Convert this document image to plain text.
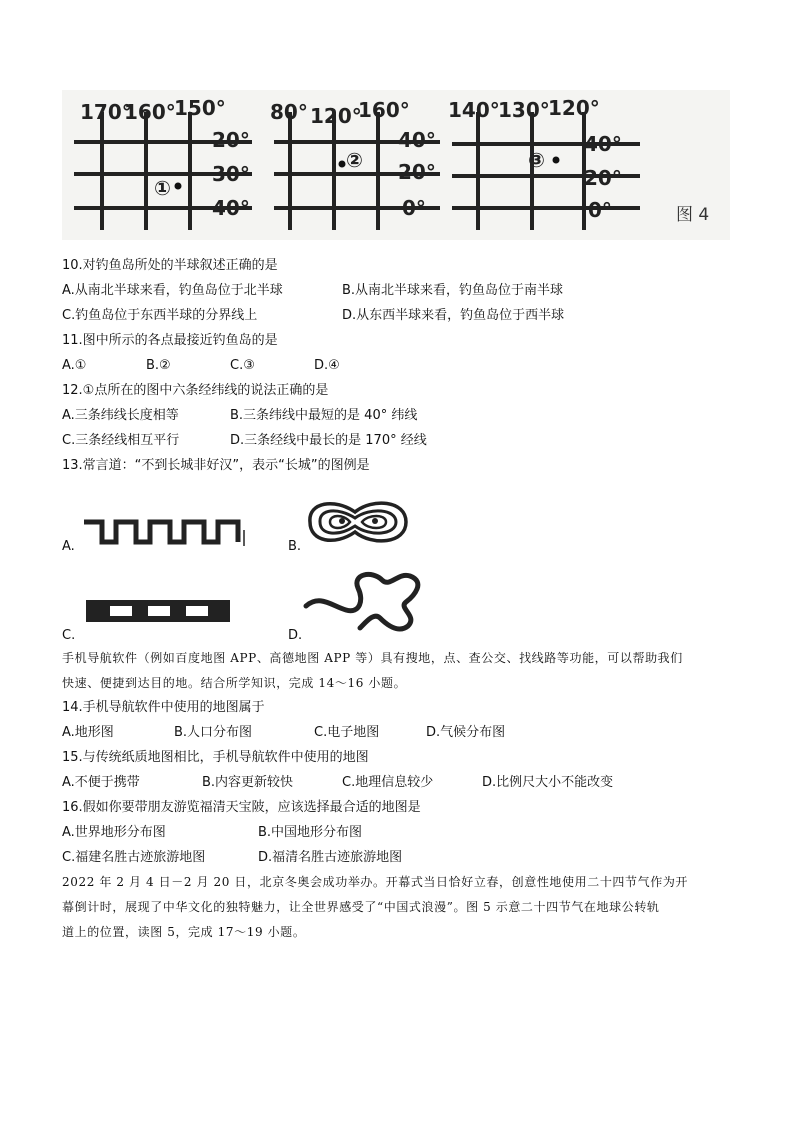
170°
160°
150°
20°
30°
40°
①
80° 120°
160°
40°
20°
0°
②
140°
130°
120°
40°
20°
0°
③
图 4
10.对钓鱼岛所处的半球叙述正确的是
A.从南北半球来看，钓鱼岛位于北半球	B.从南北半球来看，钓鱼岛位于南半球
C.钓鱼岛位于东西半球的分界线上	D.从东西半球来看，钓鱼岛位于西半球
11.图中所示的各点最接近钓鱼岛的是
A.①	B.②	C.③	D.④
12.①点所在的图中六条经纬线的说法正确的是
A.三条纬线长度相等	B.三条纬线中最短的是 40° 纬线
C.三条经线相互平行	D.三条经线中最长的是 170° 经线
13.常言道：“不到长城非好汉”，表示“长城”的图例是
A.	B.
C.	D.
手机导航软件（例如百度地图 APP、高德地图 APP 等）具有搜地，点、查公交、找线路等功能，可以帮助我们
快速、便捷到达目的地。结合所学知识，完成 14～16 小题。
14.手机导航软件中使用的地图属于
A.地形图	B.人口分布图	C.电子地图	D.气候分布图
15.与传统纸质地图相比，手机导航软件中使用的地图
A.不便于携带	B.内容更新较快	C.地理信息较少	D.比例尺大小不能改变
16.假如你要带朋友游览福清天宝陂，应该选择最合适的地图是
A.世界地形分布图	B.中国地形分布图
C.福建名胜古迹旅游地图	D.福清名胜古迹旅游地图
2022 年 2 月 4 日－2 月 20 日，北京冬奥会成功举办。开幕式当日恰好立春，创意性地使用二十四节气作为开
幕倒计时，展现了中华文化的独特魅力，让全世界感受了“中国式浪漫”。图 5 示意二十四节气在地球公转轨
道上的位置，读图 5，完成 17～19 小题。
